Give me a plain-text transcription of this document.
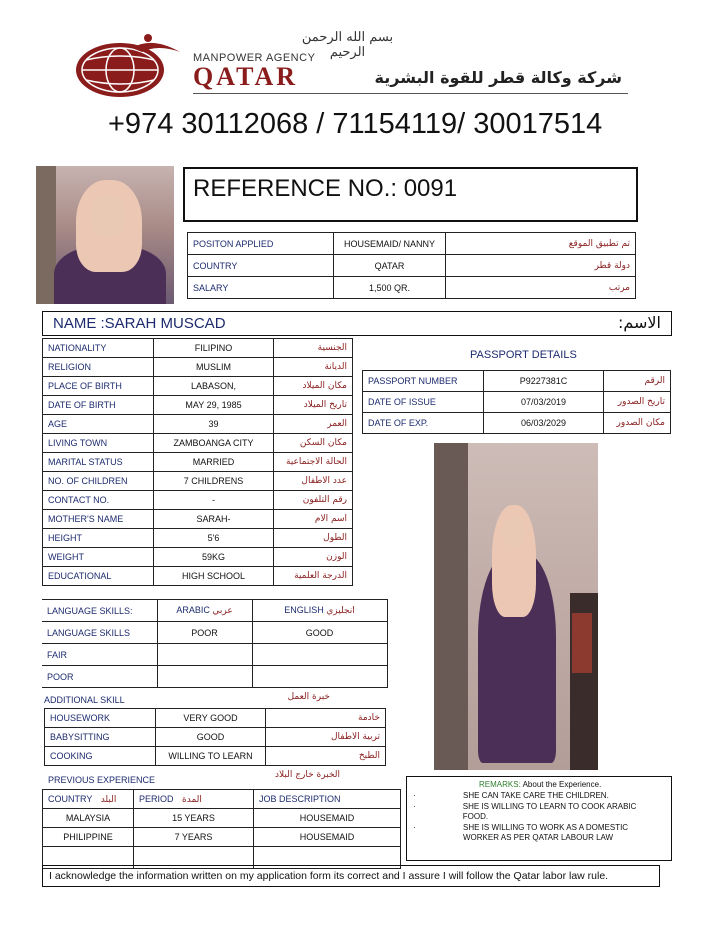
بسم الله الرحمن الرحيم
MANPOWER AGENCY
QATAR	شركة وكالة قطر للقوة البشرية
+974 30112068 / 71154119/ 30017514
REFERENCE NO.: 0091
POSITON APPLIED	HOUSEMAID/ NANNY	تم تطبيق الموقع
COUNTRY	QATAR	دولة قطر
SALARY	1,500 QR.	مرتب
NAME :SARAH MUSCAD	:الاسم
NATIONALITY	FILIPINO	الجنسية
RELIGION	MUSLIM	الديانة
PLACE OF BIRTH	LABASON,	مكان الميلاد
DATE OF BIRTH	MAY 29, 1985	تاريخ الميلاد
AGE	39	العمر
LIVING TOWN	ZAMBOANGA CITY	مكان السكن
MARITAL STATUS	MARRIED	الحالة الاجتماعية
NO. OF CHILDREN	7 CHILDRENS	عدد الاطفال
CONTACT NO.	-	رقم التلفون
MOTHER'S NAME	SARAH-	اسم الام
HEIGHT	5'6	الطول
WEIGHT	59KG	الوزن
EDUCATIONAL	HIGH SCHOOL	الدرجة العلمية
PASSPORT DETAILS
PASSPORT NUMBER	P9227381C	الرقم
DATE OF ISSUE	07/03/2019	تاريخ الصدور
DATE OF EXP.	06/03/2029	مكان الصدور
LANGUAGE SKILLS:	ARABIC عربي	ENGLISH انجليزي
LANGUAGE SKILLS	POOR	GOOD
FAIR		
POOR		
ADDITIONAL SKILL	خبرة العمل
HOUSEWORK	VERY GOOD	خادمة
BABYSITTING	GOOD	تربية الاطفال
COOKING	WILLING TO LEARN	الطبخ
PREVIOUS EXPERIENCE	الخبرة خارج البلاد
COUNTRY البلد	PERIOD المدة	JOB DESCRIPTION
MALAYSIA	15 YEARS	HOUSEMAID
PHILIPPINE	7 YEARS	HOUSEMAID

REMARKS: About the Experience.
·	SHE CAN TAKE CARE THE CHILDREN.
·	SHE IS WILLING TO LEARN TO COOK ARABIC FOOD.
·	SHE IS WILLING TO WORK AS A DOMESTIC WORKER AS PER QATAR LABOUR LAW
I acknowledge the information written on my application form its correct and I assure I will follow the Qatar labor law rule.
